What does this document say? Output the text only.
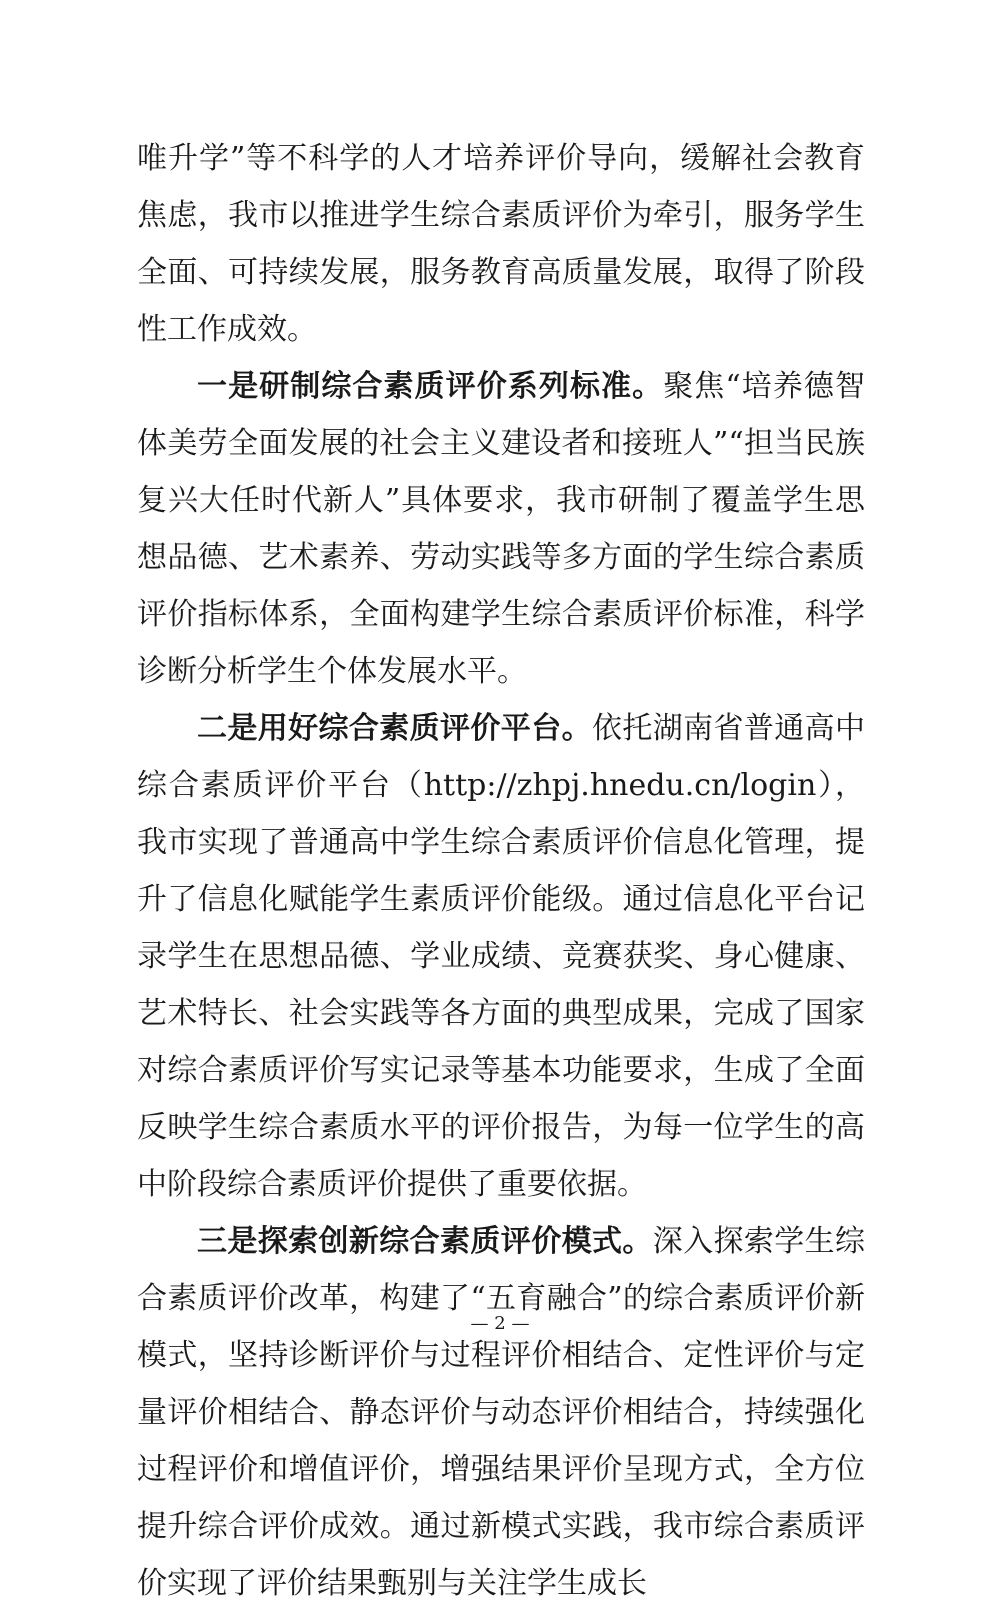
唯升学”等不科学的人才培养评价导向，缓解社会教育焦虑，我市以推进学生综合素质评价为牵引，服务学生全面、可持续发展，服务教育高质量发展，取得了阶段性工作成效。

一是研制综合素质评价系列标准。聚焦“培养德智体美劳全面发展的社会主义建设者和接班人”“担当民族复兴大任时代新人”具体要求，我市研制了覆盖学生思想品德、艺术素养、劳动实践等多方面的学生综合素质评价指标体系，全面构建学生综合素质评价标准，科学诊断分析学生个体发展水平。

二是用好综合素质评价平台。依托湖南省普通高中综合素质评价平台（http://zhpj.hnedu.cn/login），我市实现了普通高中学生综合素质评价信息化管理，提升了信息化赋能学生素质评价能级。通过信息化平台记录学生在思想品德、学业成绩、竞赛获奖、身心健康、艺术特长、社会实践等各方面的典型成果，完成了国家对综合素质评价写实记录等基本功能要求，生成了全面反映学生综合素质水平的评价报告，为每一位学生的高中阶段综合素质评价提供了重要依据。

三是探索创新综合素质评价模式。深入探索学生综合素质评价改革，构建了“五育融合”的综合素质评价新模式，坚持诊断评价与过程评价相结合、定性评价与定量评价相结合、静态评价与动态评价相结合，持续强化过程评价和增值评价，增强结果评价呈现方式，全方位提升综合评价成效。通过新模式实践，我市综合素质评价实现了评价结果甄别与关注学生成长

— 2 —
